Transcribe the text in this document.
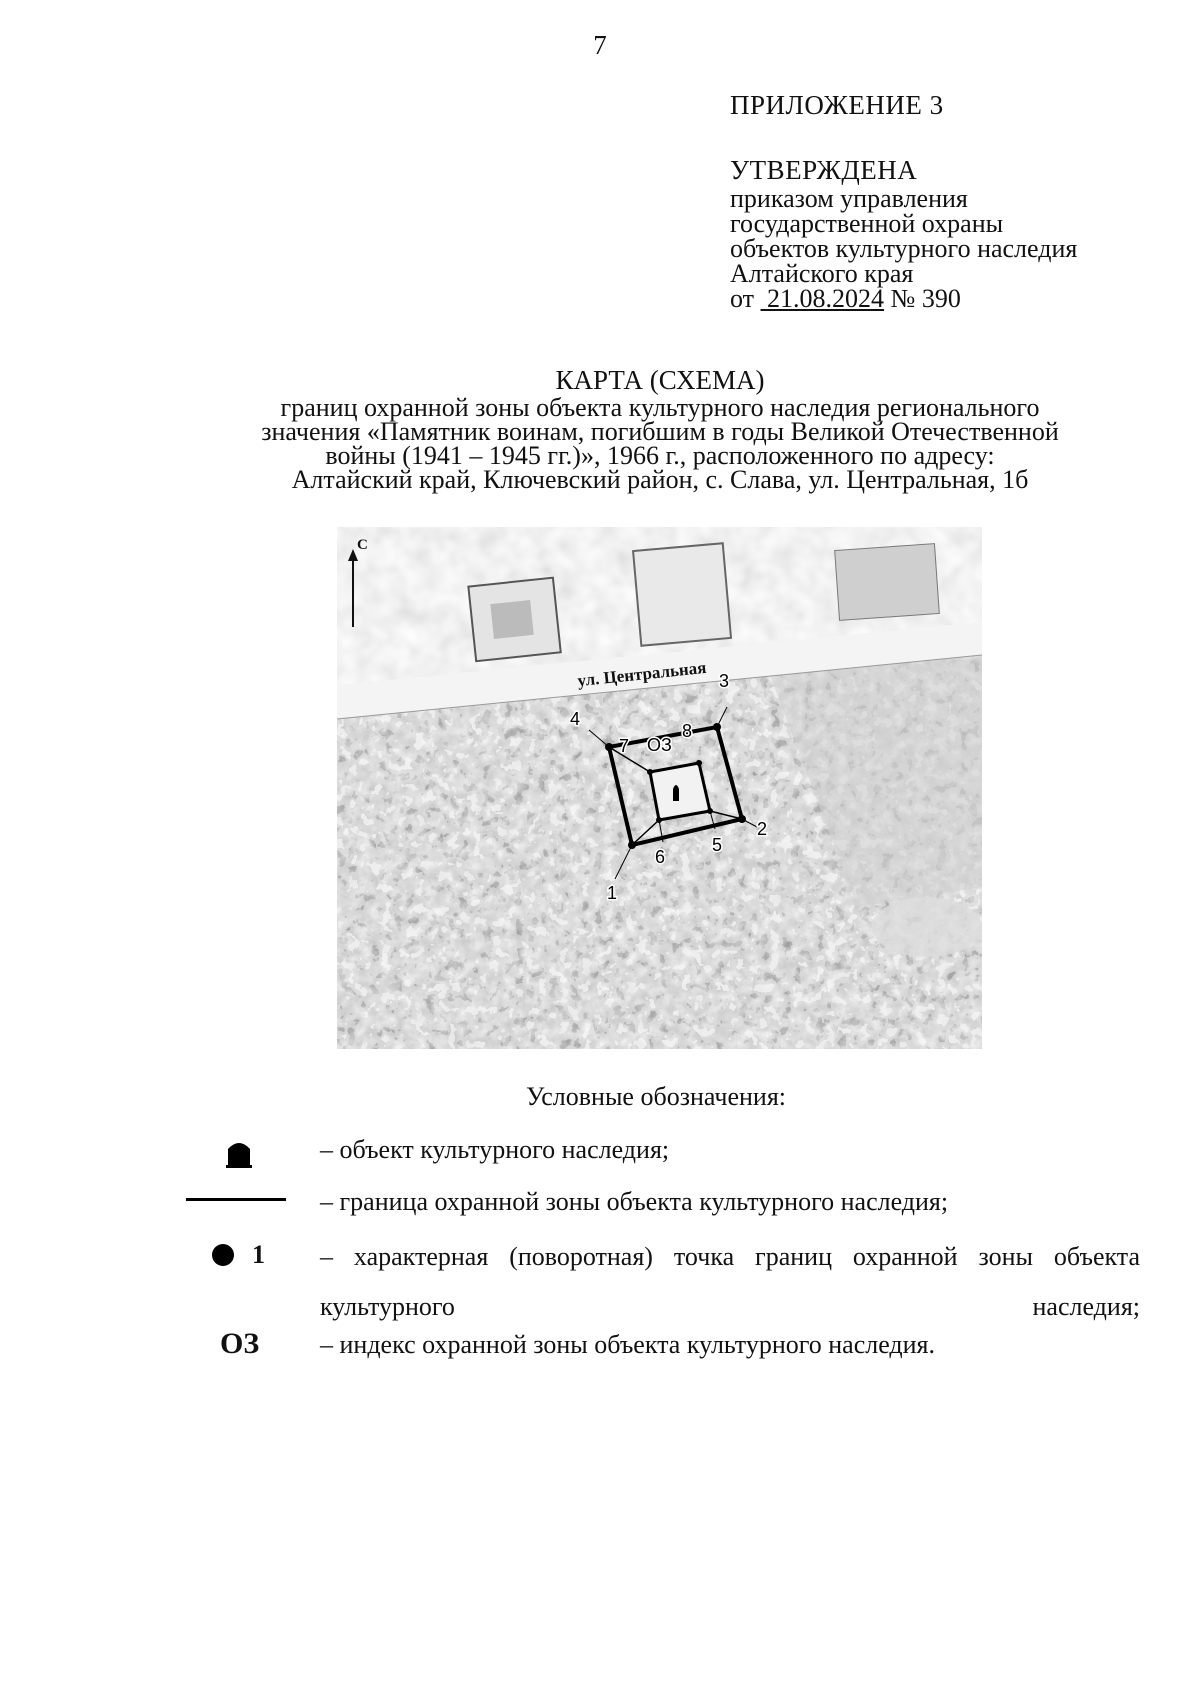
7
ПРИЛОЖЕНИЕ 3
УТВЕРЖДЕНА
приказом управления
государственной охраны
объектов культурного наследия
Алтайского края
от 21.08.2024 № 390
КАРТА (СХЕМА)
границ охранной зоны объекта культурного наследия регионального
значения «Памятник воинам, погибшим в годы Великой Отечественной
войны (1941 – 1945 гг.)», 1966 г., расположенного по адресу:
Алтайский край, Ключевский район, с. Слава, ул. Центральная, 1б
ул. Центральная
С
1
2
3
4
5
6
7
8
ОЗ
Условные обозначения:
– объект культурного наследия;
– граница охранной зоны объекта культурного наследия;
1 – характерная (поворотная) точка границ охранной зоны объекта
культурного наследия;
ОЗ – индекс охранной зоны объекта культурного наследия.
